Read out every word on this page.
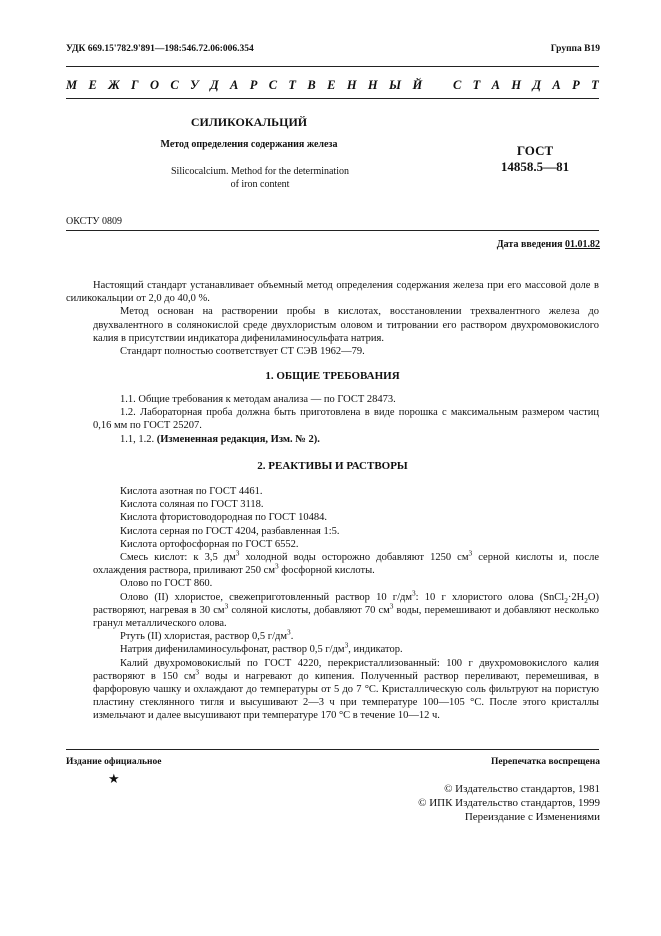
УДК 669.15'782.9'891—198:546.72.06:006.354	Группа В19
М Е Ж Г О С У Д А Р С Т В Е Н Н Ы Й С Т А Н Д А Р Т
СИЛИКОКАЛЬЦИЙ
Метод определения содержания железа
Silicocalcium. Method for the determination
of iron content
ГОСТ
14858.5—81
ОКСТУ 0809
Дата введения 01.01.82

Настоящий стандарт устанавливает объемный метод определения содержания железа при его массовой доле в силикокальции от 2,0 до 40,0 %.

Метод основан на растворении пробы в кислотах, восстановлении трехвалентного железа до двухвалентного в солянокислой среде двухлористым оловом и титровании его раствором двухромовокислого калия в присутствии индикатора дифениламиносульфата натрия.

Стандарт полностью соответствует СТ СЭВ 1962—79.

1. ОБЩИЕ ТРЕБОВАНИЯ

1.1. Общие требования к методам анализа — по ГОСТ 28473.

1.2. Лабораторная проба должна быть приготовлена в виде порошка с максимальным размером частиц 0,16 мм по ГОСТ 25207.

1.1, 1.2. (Измененная редакция, Изм. № 2).

2. РЕАКТИВЫ И РАСТВОРЫ

Кислота азотная по ГОСТ 4461.

Кислота соляная по ГОСТ 3118.

Кислота фтористоводородная по ГОСТ 10484.

Кислота серная по ГОСТ 4204, разбавленная 1:5.

Кислота ортофосфорная по ГОСТ 6552.

Смесь кислот: к 3,5 $дм^3$ холодной воды осторожно добавляют 1250 $см^3$ серной кислоты и, после охлаждения раствора, приливают 250 $см^3$ фосфорной кислоты.

Олово по ГОСТ 860.

Олово (II) хлористое, свежеприготовленный раствор 10 $г/дм^3$: 10 г хлористого олова $(SnCl_2\cdot 2H_2O)$ растворяют, нагревая в 30 $см^3$ соляной кислоты, добавляют 70 $см^3$ воды, перемешивают и добавляют несколько гранул металлического олова.

Ртуть (II) хлористая, раствор 0,5 $г/дм^3$.

Натрия дифениламиносульфонат, раствор 0,5 $г/дм^3$, индикатор.

Калий двухромовокислый по ГОСТ 4220, перекристаллизованный: 100 г двухромовокислого калия растворяют в 150 $см^3$ воды и нагревают до кипения. Полученный раствор переливают, перемешивая, в фарфоровую чашку и охлаждают до температуры от 5 до 7 °С. Кристаллическую соль фильтруют на пористую пластину стеклянного тигля и высушивают 2—3 ч при температуре 100—105 °С. После этого кристаллы измельчают и далее высушивают при температуре 170 °С в течение 10—12 ч.

Издание официальное	Перепечатка воспрещена
★
© Издательство стандартов, 1981
© ИПК Издательство стандартов, 1999
Переиздание с Изменениями
